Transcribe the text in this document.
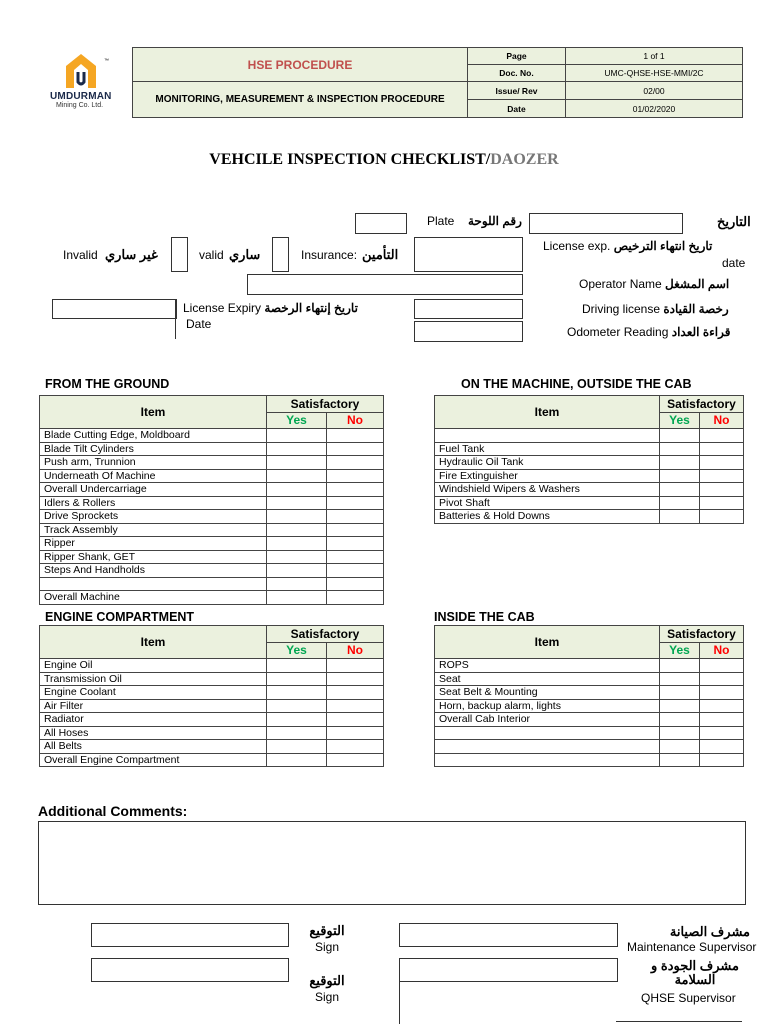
™
UMDURMAN
Mining Co. Ltd.
HSE PROCEDURE	Page	1 of 1
	Doc. No.	UMC-QHSE-HSE-MMI/2C
MONITORING, MEASUREMENT & INSPECTION PROCEDURE	Issue/ Rev	02/00
	Date	01/02/2020
VEHCILE INSPECTION CHECKLIST/DAOZER
التاريخ
رقم اللوحة
Plate
License exp. تاريخ انتهاء الترخيص
date
التأمين
Insurance:
ساري
valid
غير ساري
Invalid
Operator Name اسم المشغل
License Expiry تاريخ إنتهاء الرخصة
Date
Driving license رخصة القيادة
Odometer Reading قراءة العداد
FROM THE GROUND
Item	Satisfactory	
	Yes	No
Blade Cutting Edge, Moldboard		
Blade Tilt Cylinders		
Push arm, Trunnion		
Underneath Of Machine		
Overall Undercarriage		
Idlers & Rollers		
Drive Sprockets		
Track Assembly		
Ripper		
Ripper Shank, GET		
Steps And Handholds		

Overall Machine		
ON THE MACHINE, OUTSIDE THE CAB
Item	Satisfactory	
	Yes	No

Fuel Tank		
Hydraulic Oil Tank		
Fire Extinguisher		
Windshield Wipers & Washers		
Pivot Shaft		
Batteries & Hold Downs		
ENGINE COMPARTMENT
Item	Satisfactory	
	Yes	No
Engine Oil		
Transmission Oil		
Engine Coolant		
Air Filter		
Radiator		
All Hoses		
All Belts		
Overall Engine Compartment		
INSIDE THE CAB
Item	Satisfactory	
	Yes	No
ROPS		
Seat		
Seat Belt & Mounting		
Horn, backup alarm, lights		
Overall Cab Interior		

Additional Comments:
التوقيع
Sign
مشرف الصيانة
Maintenance Supervisor
التوقيع
Sign
مشرف الجودة و السلامة
QHSE Supervisor
